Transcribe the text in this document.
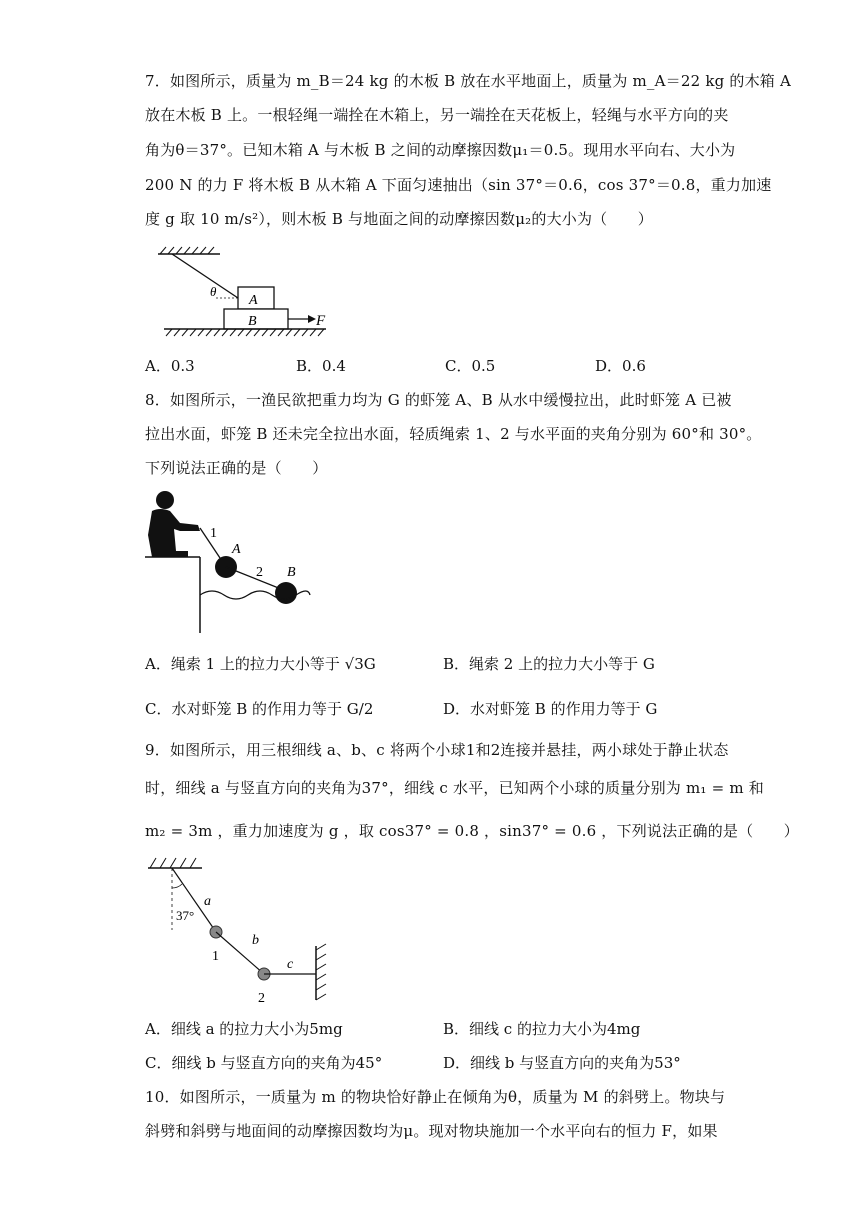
7．如图所示，质量为 m_B＝24 kg 的木板 B 放在水平地面上，质量为 m_A＝22 kg 的木箱 A
放在木板 B 上。一根轻绳一端拴在木箱上，另一端拴在天花板上，轻绳与水平方向的夹
角为θ＝37°。已知木箱 A 与木板 B 之间的动摩擦因数μ₁＝0.5。现用水平向右、大小为
200 N 的力 F 将木板 B 从木箱 A 下面匀速抽出（sin 37°＝0.6，cos 37°＝0.8，重力加速
度 g 取 10 m/s²），则木板 B 与地面之间的动摩擦因数μ₂的大小为（　　）
θ
A
B	F
A．0.3	B．0.4	C．0.5	D．0.6
8．如图所示，一渔民欲把重力均为 G 的虾笼 A、B 从水中缓慢拉出，此时虾笼 A 已被
拉出水面，虾笼 B 还未完全拉出水面，轻质绳索 1、2 与水平面的夹角分别为 60°和 30°。
下列说法正确的是（　　）
1
A
2 B
A．绳索 1 上的拉力大小等于 √3G	B．绳索 2 上的拉力大小等于 G
C．水对虾笼 B 的作用力等于 G/2	D．水对虾笼 B 的作用力等于 G
9．如图所示，用三根细线 a、b、c 将两个小球1和2连接并悬挂，两小球处于静止状态
时，细线 a 与竖直方向的夹角为37°，细线 c 水平，已知两个小球的质量分别为 m₁ = m 和
m₂ = 3m ，重力加速度为 g ，取 cos37° = 0.8 ，sin37° = 0.6 ，下列说法正确的是（　　）
37°
a
1
b
2
c
A．细线 a 的拉力大小为5mg	B．细线 c 的拉力大小为4mg
C．细线 b 与竖直方向的夹角为45°	D．细线 b 与竖直方向的夹角为53°
10．如图所示，一质量为 m 的物块恰好静止在倾角为θ，质量为 M 的斜劈上。物块与
斜劈和斜劈与地面间的动摩擦因数均为μ。现对物块施加一个水平向右的恒力 F，如果
